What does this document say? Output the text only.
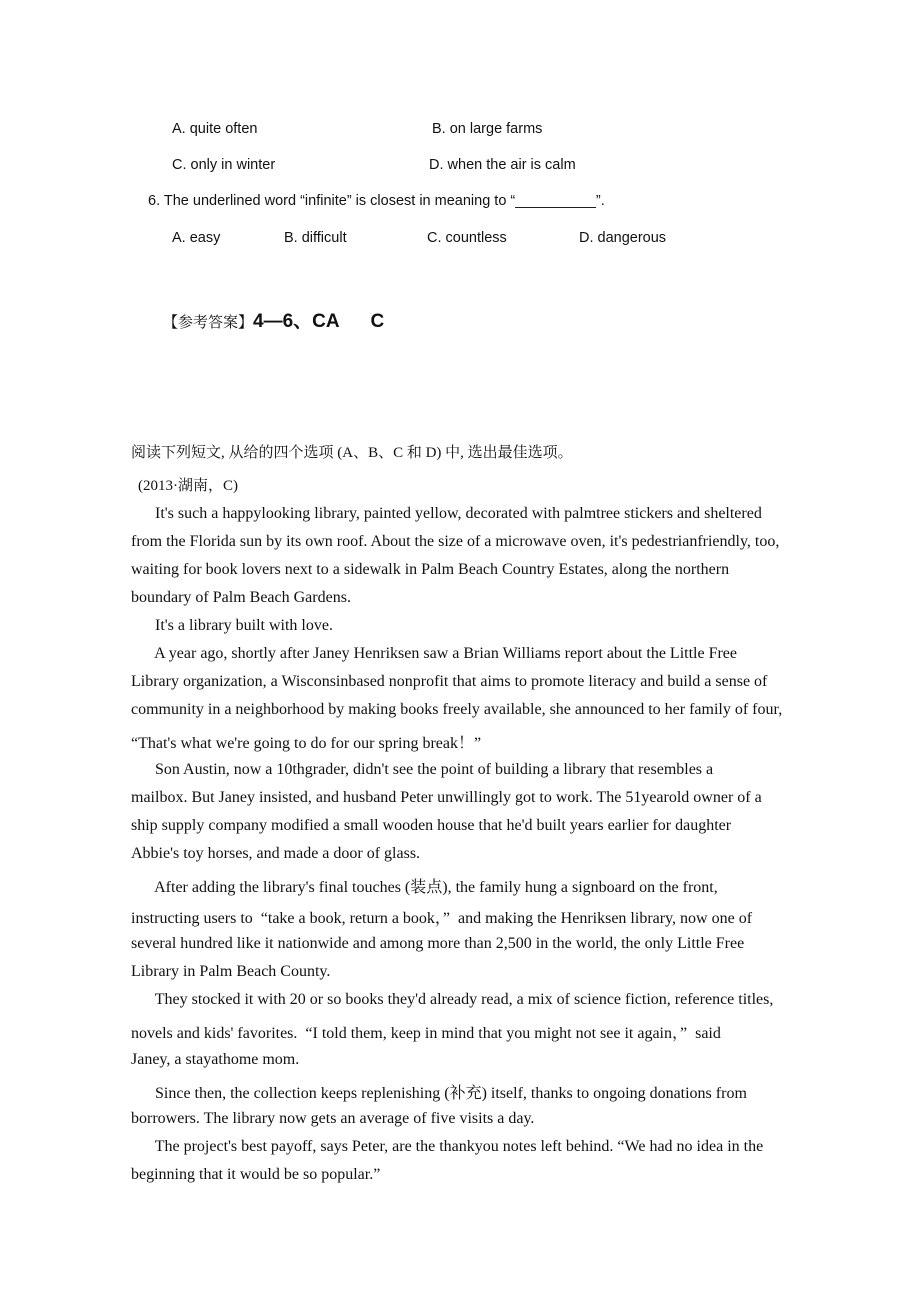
A. quite often	B. on large farms
C. only in winter	D. when the air is calm
6. The underlined word “infinite” is closest in meaning to “__________”.
A. easy	B. difficult	C. countless	D. dangerous
【参考答案】4—6、CA      C
阅读下列短文, 从给的四个选项 (A、B、C 和 D) 中, 选出最佳选项。
(2013·湖南，C)
It's such a happylooking library, painted yellow, decorated with palmtree stickers and sheltered
from the Florida sun by its own roof. About the size of a microwave oven, it's pedestrianfriendly, too,
waiting for book lovers next to a sidewalk in Palm Beach Country Estates, along the northern
boundary of Palm Beach Gardens.
It's a library built with love.
A year ago, shortly after Janey Henriksen saw a Brian Williams report about the Little Free
Library organization, a Wisconsinbased nonprofit that aims to promote literacy and build a sense of
community in a neighborhood by making books freely available, she announced to her family of four,
“That's what we're going to do for our spring break！”
Son Austin, now a 10thgrader, didn't see the point of building a library that resembles a
mailbox. But Janey insisted, and husband Peter unwillingly got to work. The 51yearold owner of a
ship supply company modified a small wooden house that he'd built years earlier for daughter
Abbie's toy horses, and made a door of glass.
After adding the library's final touches (装点), the family hung a signboard on the front,
instructing users to  “take a book, return a book，”  and making the Henriksen library, now one of
several hundred like it nationwide and among more than 2,500 in the world, the only Little Free
Library in Palm Beach County.
They stocked it with 20 or so books they'd already read, a mix of science fiction, reference titles,
novels and kids' favorites.  “I told them, keep in mind that you might not see it again，”  said
Janey, a stayathome mom.
Since then, the collection keeps replenishing (补充) itself, thanks to ongoing donations from
borrowers. The library now gets an average of five visits a day.
The project's best payoff, says Peter, are the thankyou notes left behind. “We had no idea in the
beginning that it would be so popular.”
